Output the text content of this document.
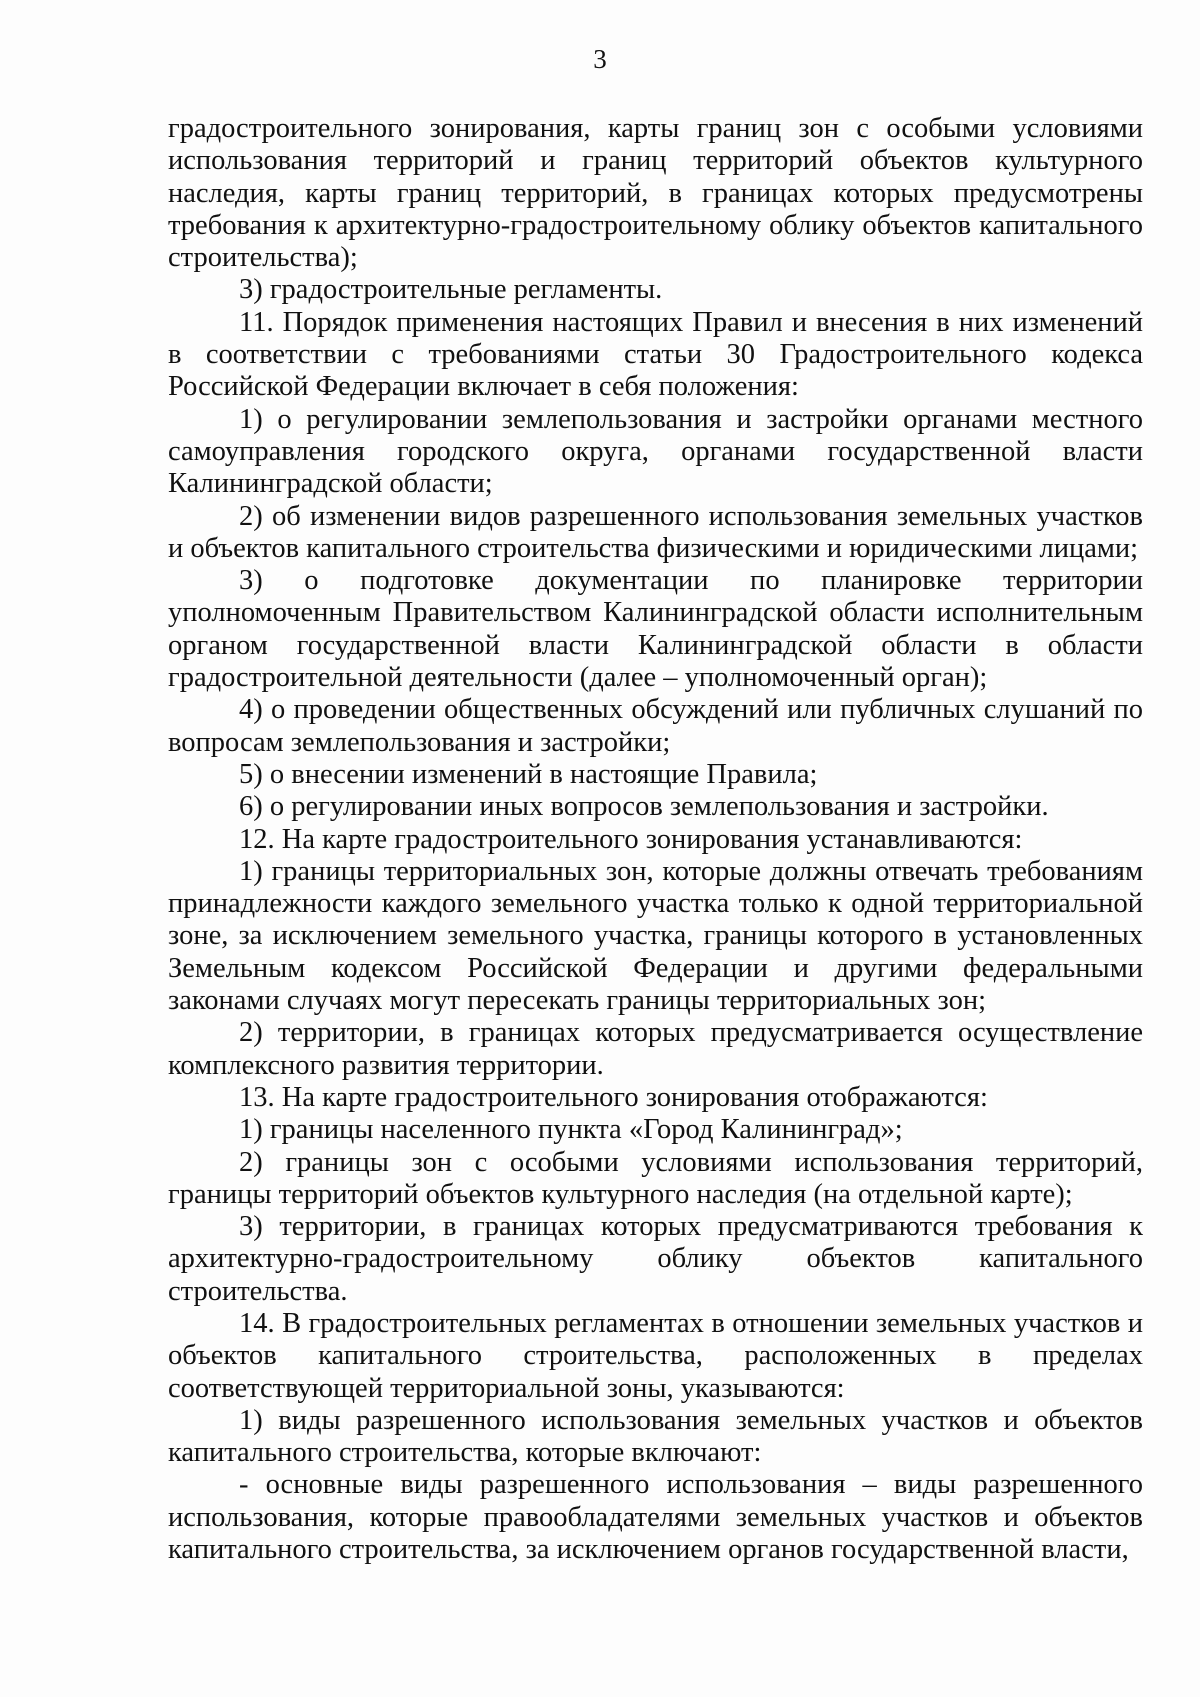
3

градостроительного зонирования, карты границ зон с особыми условиями использования территорий и границ территорий объектов культурного наследия, карты границ территорий, в границах которых предусмотрены требования к архитектурно-градостроительному облику объектов капитального строительства);

3) градостроительные регламенты.

11. Порядок применения настоящих Правил и внесения в них изменений в соответствии с требованиями статьи 30 Градостроительного кодекса Российской Федерации включает в себя положения:

1) о регулировании землепользования и застройки органами местного самоуправления городского округа, органами государственной власти Калининградской области;

2) об изменении видов разрешенного использования земельных участков и объектов капитального строительства физическими и юридическими лицами;

3) о подготовке документации по планировке территории уполномоченным Правительством Калининградской области исполнительным органом государственной власти Калининградской области в области градостроительной деятельности (далее – уполномоченный орган);

4) о проведении общественных обсуждений или публичных слушаний по вопросам землепользования и застройки;

5) о внесении изменений в настоящие Правила;

6) о регулировании иных вопросов землепользования и застройки.

12. На карте градостроительного зонирования устанавливаются:

1) границы территориальных зон, которые должны отвечать требованиям принадлежности каждого земельного участка только к одной территориальной зоне, за исключением земельного участка, границы которого в установленных Земельным кодексом Российской Федерации и другими федеральными законами случаях могут пересекать границы территориальных зон;

2) территории, в границах которых предусматривается осуществление комплексного развития территории.

13. На карте градостроительного зонирования отображаются:

1) границы населенного пункта «Город Калининград»;

2) границы зон с особыми условиями использования территорий, границы территорий объектов культурного наследия (на отдельной карте);

3) территории, в границах которых предусматриваются требования к архитектурно-градостроительному облику объектов капитального строительства.

14. В градостроительных регламентах в отношении земельных участков и объектов капитального строительства, расположенных в пределах соответствующей территориальной зоны, указываются:

1) виды разрешенного использования земельных участков и объектов капитального строительства, которые включают:

- основные виды разрешенного использования – виды разрешенного использования, которые правообладателями земельных участков и объектов капитального строительства, за исключением органов государственной власти,
